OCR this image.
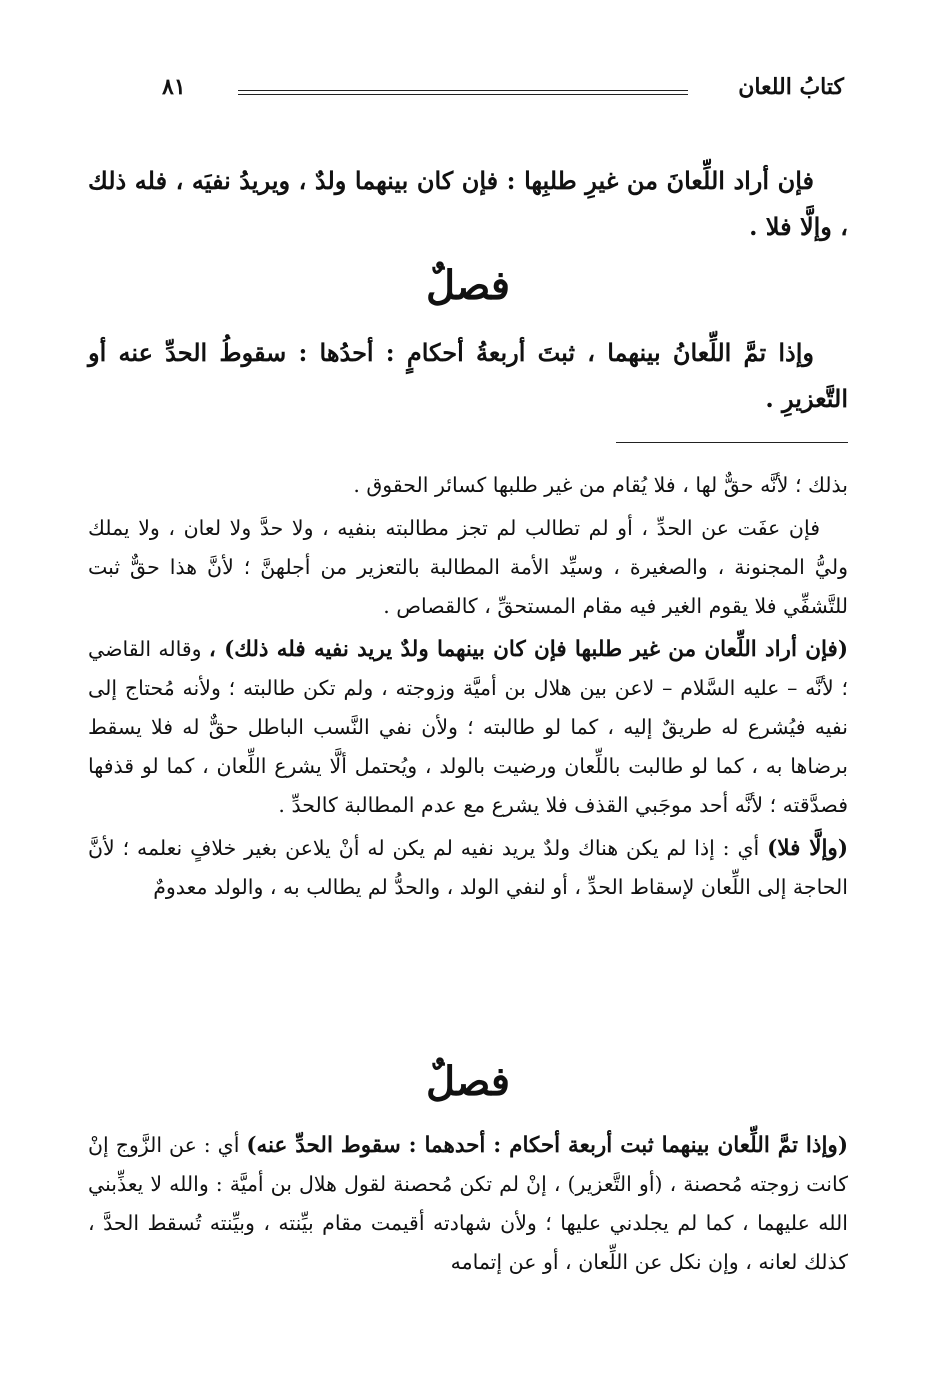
كتابُ اللعان
٨١

فإن أراد اللِّعانَ من غيرِ طلبِها : فإن كان بينهما ولدٌ ، ويريدُ نفيَه ، فله ذلك ، وإلَّا فلا .

فصلٌ

وإذا تمَّ اللِّعانُ بينهما ، ثبتَ أربعةُ أحكامٍ : أحدُها : سقوطُ الحدِّ عنه أو التَّعزيرِ .

بذلك ؛ لأنَّه حقٌّ لها ، فلا يُقام من غير طلبها كسائر الحقوق .

فإن عفَت عن الحدِّ ، أو لم تطالب لم تجز مطالبته بنفيه ، ولا حدَّ ولا لعان ، ولا يملك وليُّ المجنونة ، والصغيرة ، وسيِّد الأمة المطالبة بالتعزير من أجلهنَّ ؛ لأنَّ هذا حقٌّ ثبت للتَّشفِّي فلا يقوم الغير فيه مقام المستحقِّ ، كالقصاص .

(فإن أراد اللِّعان من غير طلبها فإن كان بينهما ولدٌ يريد نفيه فله ذلك) ، وقاله القاضي ؛ لأنَّه – عليه السَّلام – لاعن بين هلال بن أميَّة وزوجته ، ولم تكن طالبته ؛ ولأنه مُحتاج إلى نفيه فيُشرع له طريقٌ إليه ، كما لو طالبته ؛ ولأن نفي النَّسب الباطل حقٌّ له فلا يسقط برضاها به ، كما لو طالبت باللِّعان ورضيت بالولد ، ويُحتمل ألَّا يشرع اللِّعان ، كما لو قذفها فصدَّقته ؛ لأنَّه أحد موجَبي القذف فلا يشرع مع عدم المطالبة كالحدِّ .

(وإلَّا فلا) أي : إذا لم يكن هناك ولدٌ يريد نفيه لم يكن له أنْ يلاعن بغير خلافٍ نعلمه ؛ لأنَّ الحاجة إلى اللِّعان لإسقاط الحدِّ ، أو لنفي الولد ، والحدُّ لم يطالب به ، والولد معدومٌ

فصلٌ

(وإذا تمَّ اللِّعان بينهما ثبت أربعة أحكام : أحدهما : سقوط الحدِّ عنه) أي : عن الزَّوج إنْ كانت زوجته مُحصنة ، (أو التَّعزير) ، إنْ لم تكن مُحصنة لقول هلال بن أميَّة : والله لا يعذِّبني الله عليهما ، كما لم يجلدني عليها ؛ ولأن شهادته أقيمت مقام بيِّنته ، وبيِّنته تُسقط الحدَّ ، كذلك لعانه ، وإن نكل عن اللِّعان ، أو عن إتمامه
